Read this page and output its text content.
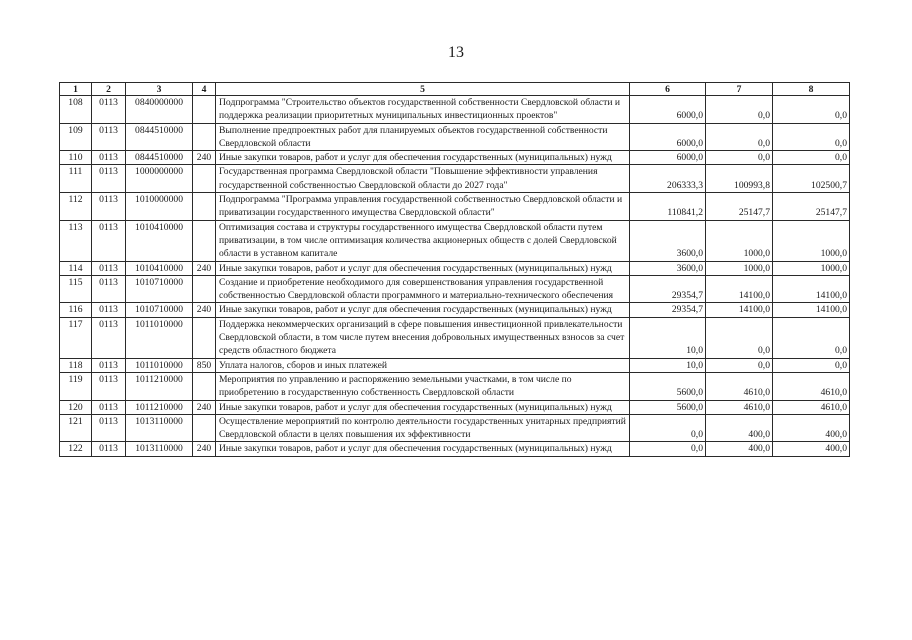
13
1	2	3	4	5	6	7	8
108	0113	0840000000		Подпрограмма "Строительство объектов государственной собственности Свердловской области и поддержка реализации приоритетных муниципальных инвестиционных проектов"	6000,0	0,0	0,0
109	0113	0844510000		Выполнение предпроектных работ для планируемых объектов государственной собственности Свердловской области	6000,0	0,0	0,0
110	0113	0844510000	240	Иные закупки товаров, работ и услуг для обеспечения государственных (муниципальных) нужд	6000,0	0,0	0,0
111	0113	1000000000		Государственная программа Свердловской области "Повышение эффективности управления государственной собственностью Свердловской области до 2027 года"	206333,3	100993,8	102500,7
112	0113	1010000000		Подпрограмма "Программа управления государственной собственностью Свердловской области и приватизации государственного имущества Свердловской области"	110841,2	25147,7	25147,7
113	0113	1010410000		Оптимизация состава и структуры государственного имущества Свердловской области путем приватизации, в том числе оптимизация количества акционерных обществ с долей Свердловской области в уставном капитале	3600,0	1000,0	1000,0
114	0113	1010410000	240	Иные закупки товаров, работ и услуг для обеспечения государственных (муниципальных) нужд	3600,0	1000,0	1000,0
115	0113	1010710000		Создание и приобретение необходимого для совершенствования управления государственной собственностью Свердловской области программного и материально-технического обеспечения	29354,7	14100,0	14100,0
116	0113	1010710000	240	Иные закупки товаров, работ и услуг для обеспечения государственных (муниципальных) нужд	29354,7	14100,0	14100,0
117	0113	1011010000		Поддержка некоммерческих организаций в сфере повышения инвестиционной привлекательности Свердловской области, в том числе путем внесения добровольных имущественных взносов за счет средств областного бюджета	10,0	0,0	0,0
118	0113	1011010000	850	Уплата налогов, сборов и иных платежей	10,0	0,0	0,0
119	0113	1011210000		Мероприятия по управлению и распоряжению земельными участками, в том числе по приобретению в государственную собственность Свердловской области	5600,0	4610,0	4610,0
120	0113	1011210000	240	Иные закупки товаров, работ и услуг для обеспечения государственных (муниципальных) нужд	5600,0	4610,0	4610,0
121	0113	1013110000		Осуществление мероприятий по контролю деятельности государственных унитарных предприятий Свердловской области в целях повышения их эффективности	0,0	400,0	400,0
122	0113	1013110000	240	Иные закупки товаров, работ и услуг для обеспечения государственных (муниципальных) нужд	0,0	400,0	400,0
